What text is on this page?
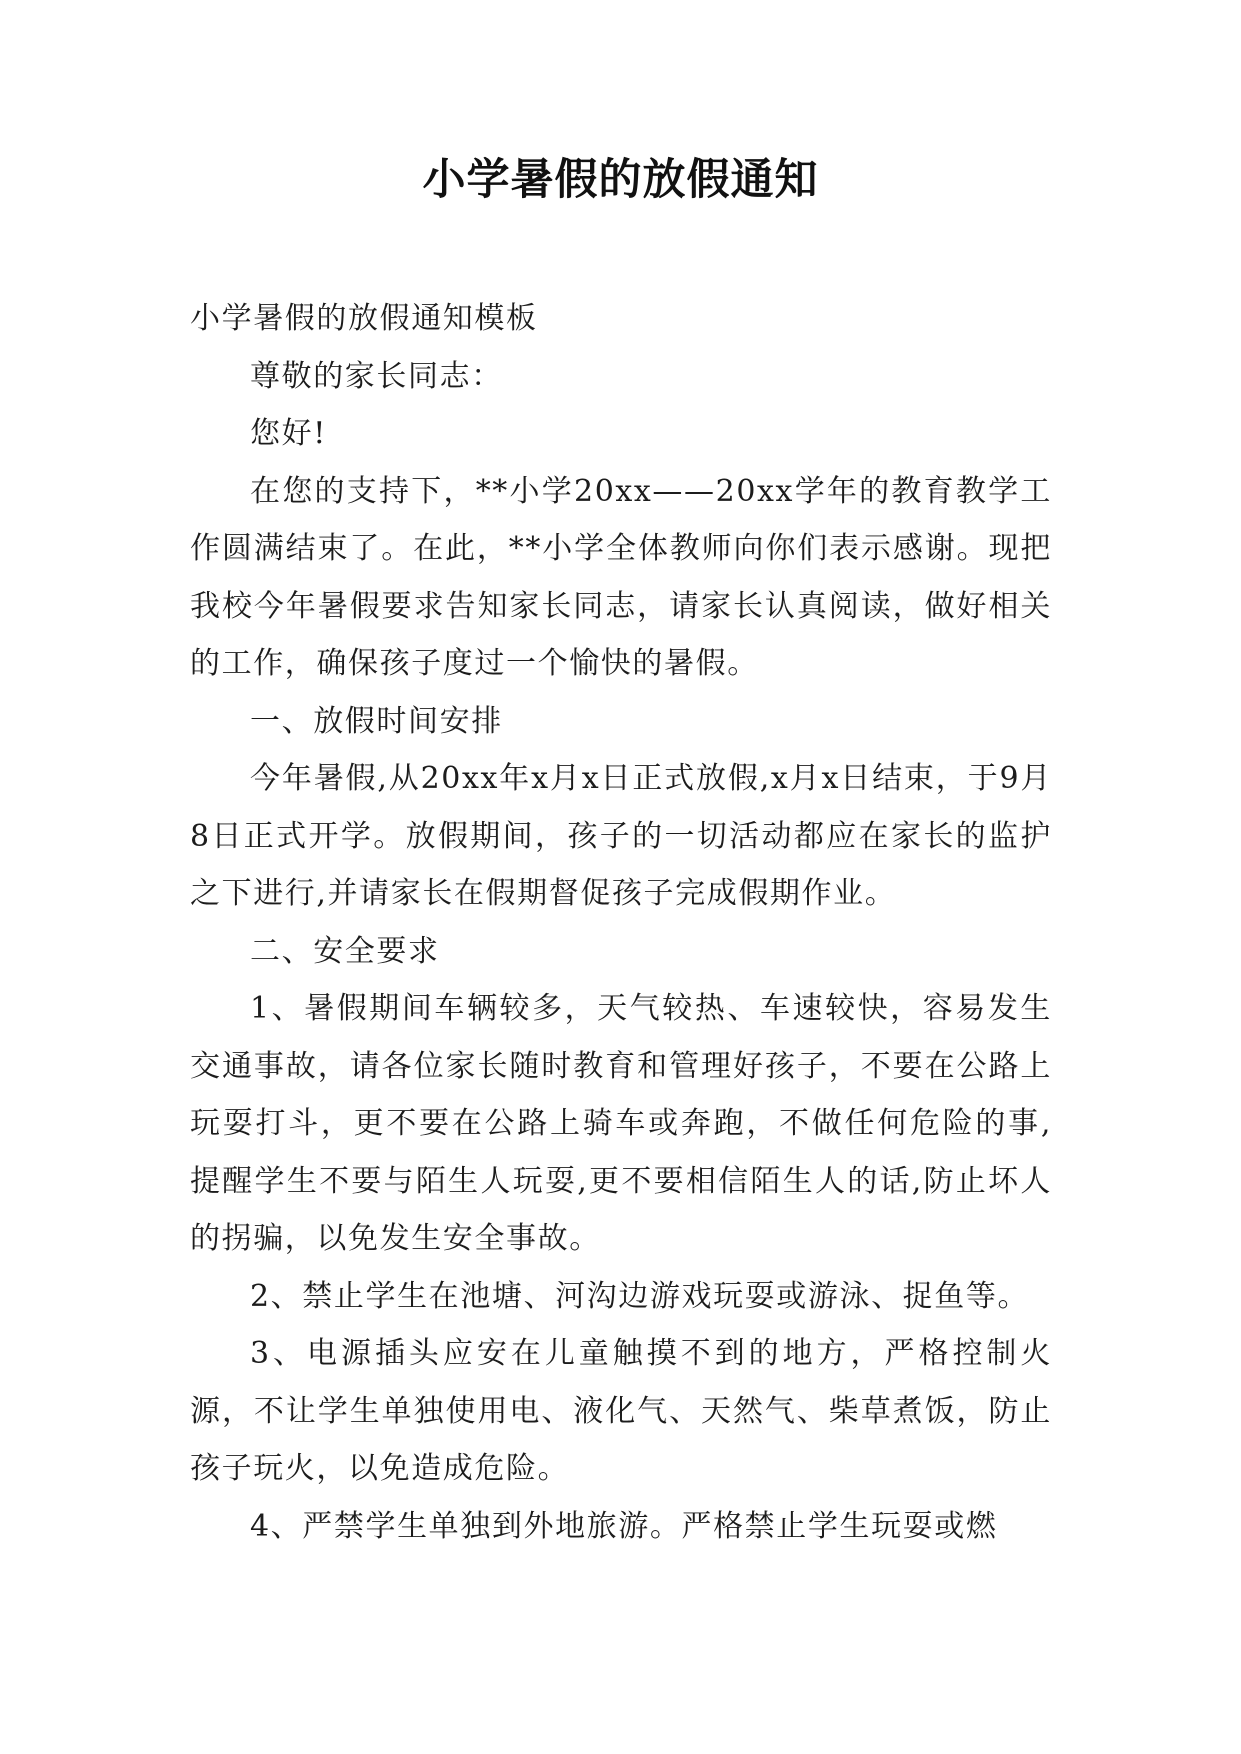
小学暑假的放假通知

小学暑假的放假通知模板

尊敬的家长同志：

您好!

在您的支持下，**小学20xx——20xx学年的教育教学工作圆满结束了。在此，**小学全体教师向你们表示感谢。现把我校今年暑假要求告知家长同志，请家长认真阅读，做好相关的工作，确保孩子度过一个愉快的暑假。

一、放假时间安排

今年暑假,从20xx年x月x日正式放假,x月x日结束，于9月8日正式开学。放假期间，孩子的一切活动都应在家长的监护之下进行,并请家长在假期督促孩子完成假期作业。

二、安全要求

1、暑假期间车辆较多，天气较热、车速较快，容易发生交通事故，请各位家长随时教育和管理好孩子，不要在公路上玩耍打斗，更不要在公路上骑车或奔跑，不做任何危险的事,提醒学生不要与陌生人玩耍,更不要相信陌生人的话,防止坏人的拐骗，以免发生安全事故。

2、禁止学生在池塘、河沟边游戏玩耍或游泳、捉鱼等。

3、电源插头应安在儿童触摸不到的地方，严格控制火源，不让学生单独使用电、液化气、天然气、柴草煮饭，防止孩子玩火，以免造成危险。

4、严禁学生单独到外地旅游。严格禁止学生玩耍或燃
